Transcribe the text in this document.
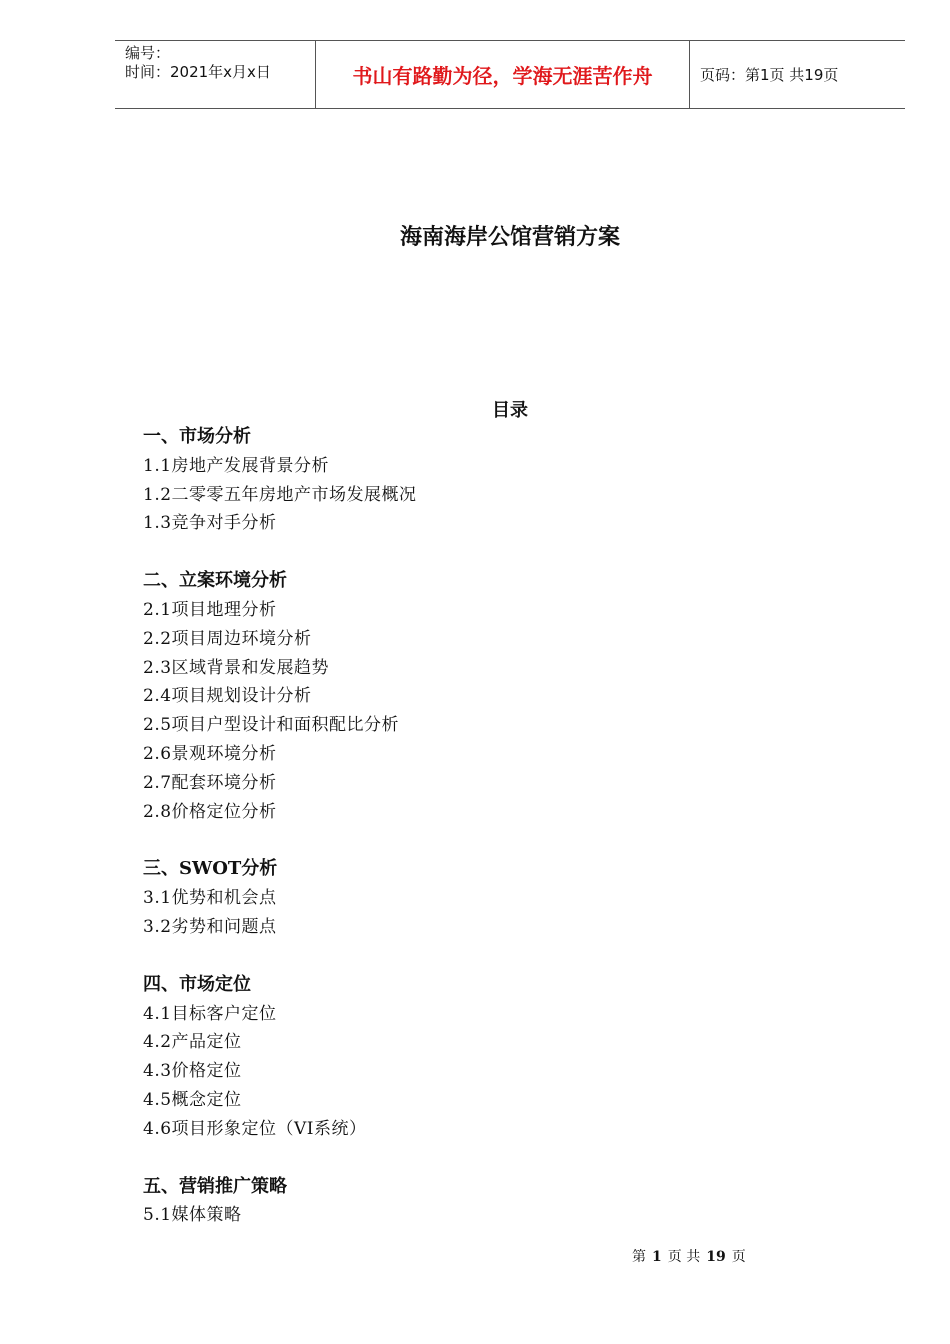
编号：
时间：2021年x月x日	书山有路勤为径，学海无涯苦作舟	页码：第1页 共19页
海南海岸公馆营销方案
目录
一、市场分析
1.1房地产发展背景分析
1.2二零零五年房地产市场发展概况
1.3竞争对手分析
二、立案环境分析
2.1项目地理分析
2.2项目周边环境分析
2.3区域背景和发展趋势
2.4项目规划设计分析
2.5项目户型设计和面积配比分析
2.6景观环境分析
2.7配套环境分析
2.8价格定位分析
三、SWOT分析
3.1优势和机会点
3.2劣势和问题点
四、市场定位
4.1目标客户定位
4.2产品定位
4.3价格定位
4.5概念定位
4.6项目形象定位（VI系统）
五、营销推广策略
5.1媒体策略
第 1 页 共 19 页
